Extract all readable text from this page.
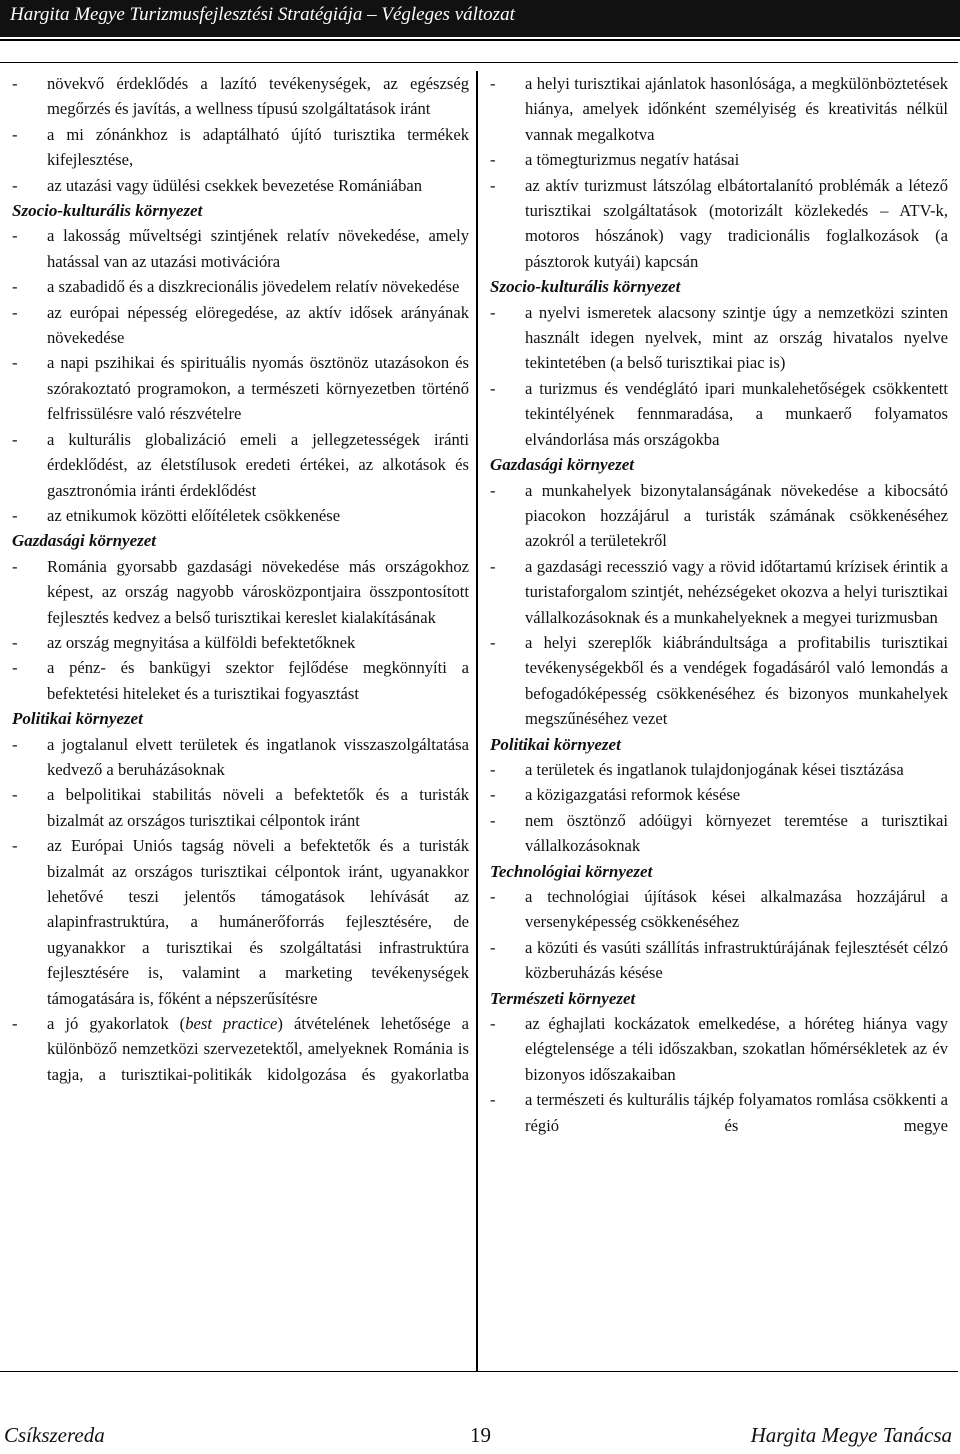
Hargita Megye Turizmusfejlesztési Stratégiája – Végleges változat
- növekvő érdeklődés a lazító tevékenységek, az egészség megőrzés és javítás, a wellness típusú szolgáltatások iránt
- a mi zónánkhoz is adaptálható újító turisztika termékek kifejlesztése,
- az utazási vagy üdülési csekkek bevezetése Romániában
Szocio-kulturális környezet
- a lakosság műveltségi szintjének relatív növekedése, amely hatással van az utazási motivációra
- a szabadidő és a diszkrecionális jövedelem relatív növekedése
- az európai népesség elöregedése, az aktív idősek arányának növekedése
- a napi pszihikai és spirituális nyomás ösztönöz utazásokon és szórakoztató programokon, a természeti környezetben történő felfrissülésre való részvételre
- a kulturális globalizáció emeli a jellegzetességek iránti érdeklődést, az életstílusok eredeti értékei, az alkotások és gasztronómia iránti érdeklődést
- az etnikumok közötti előítéletek csökkenése
Gazdasági környezet
- Románia gyorsabb gazdasági növekedése más országokhoz képest, az ország nagyobb városközpontjaira összpontosított fejlesztés kedvez a belső turisztikai kereslet kialakításának
- az ország megnyitása a külföldi befektetőknek
- a pénz- és bankügyi szektor fejlődése megkönnyíti a befektetési hiteleket és a turisztikai fogyasztást
Politikai környezet
- a jogtalanul elvett területek és ingatlanok visszaszolgáltatása kedvező a beruházásoknak
- a belpolitikai stabilitás növeli a befektetők és a turisták bizalmát az országos turisztikai célpontok iránt
- az Európai Uniós tagság növeli a befektetők és a turisták bizalmát az országos turisztikai célpontok iránt, ugyanakkor lehetővé teszi jelentős támogatások lehívását az alapinfrastruktúra, a humánerőforrás fejlesztésére, de ugyanakkor a turisztikai és szolgáltatási infrastruktúra fejlesztésére is, valamint a marketing tevékenységek támogatására is, főként a népszerűsítésre
- a jó gyakorlatok (best practice) átvételének lehetősége a különböző nemzetközi szervezetektől, amelyeknek Románia is tagja, a turisztikai-politikák kidolgozása és gyakorlatba
- a helyi turisztikai ajánlatok hasonlósága, a megkülönböztetések hiánya, amelyek időnként személyiség és kreativitás nélkül vannak megalkotva
- a tömegturizmus negatív hatásai
- az aktív turizmust látszólag elbátortalanító problémák a létező turisztikai szolgáltatások (motorizált közlekedés – ATV-k, motoros hószánok) vagy tradicionális foglalkozások (a pásztorok kutyái) kapcsán
Szocio-kulturális környezet
- a nyelvi ismeretek alacsony szintje úgy a nemzetközi szinten használt idegen nyelvek, mint az ország hivatalos nyelve tekintetében (a belső turisztikai piac is)
- a turizmus és vendéglátó ipari munkalehetőségek csökkentett tekintélyének fennmaradása, a munkaerő folyamatos elvándorlása más országokba
Gazdasági környezet
- a munkahelyek bizonytalanságának növekedése a kibocsátó piacokon hozzájárul a turisták számának csökkenéséhez azokról a területekről
- a gazdasági recesszió vagy a rövid időtartamú krízisek érintik a turistaforgalom szintjét, nehézségeket okozva a helyi turisztikai vállalkozásoknak és a munkahelyeknek a megyei turizmusban
- a helyi szereplők kiábrándultsága a profitabilis turisztikai tevékenységekből és a vendégek fogadásáról való lemondás a befogadóképesség csökkenéséhez és bizonyos munkahelyek megszűnéséhez vezet
Politikai környezet
- a területek és ingatlanok tulajdonjogának kései tisztázása
- a közigazgatási reformok késése
- nem ösztönző adóügyi környezet teremtése a turisztikai vállalkozásoknak
Technológiai környezet
- a technológiai újítások kései alkalmazása hozzájárul a versenyképesség csökkenéséhez
- a közúti és vasúti szállítás infrastruktúrájának fejlesztését célzó közberuházás késése
Természeti környezet
- az éghajlati kockázatok emelkedése, a hóréteg hiánya vagy elégtelensége a téli időszakban, szokatlan hőmérsékletek az év bizonyos időszakaiban
- a természeti és kulturális tájkép folyamatos romlása csökkenti a régió és megye
Csíkszereda	19	Hargita Megye Tanácsa
